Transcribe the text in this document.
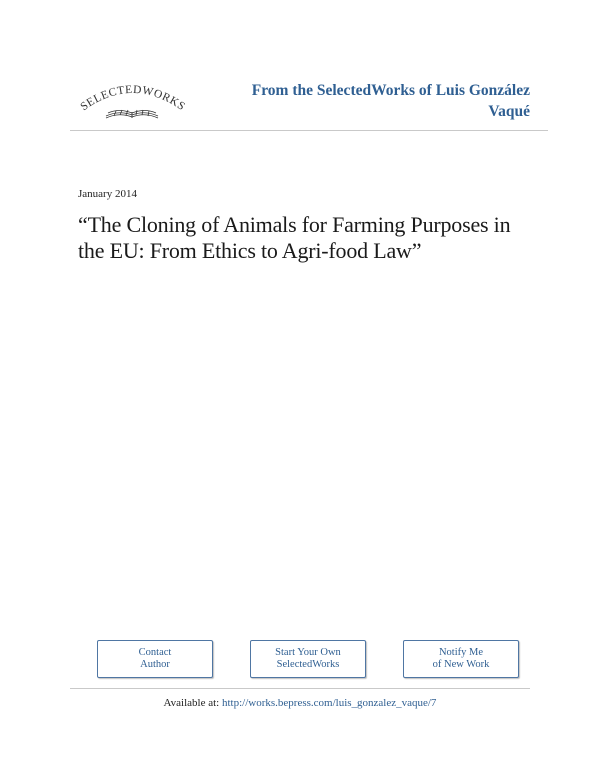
SELECTEDWORKS
From the SelectedWorks of Luis González
Vaqué
January 2014
“The Cloning of Animals for Farming Purposes in
the EU: From Ethics to Agri-food Law”
Contact
Author
Start Your Own
SelectedWorks
Notify Me
of New Work
Available at: http://works.bepress.com/luis_gonzalez_vaque/7
